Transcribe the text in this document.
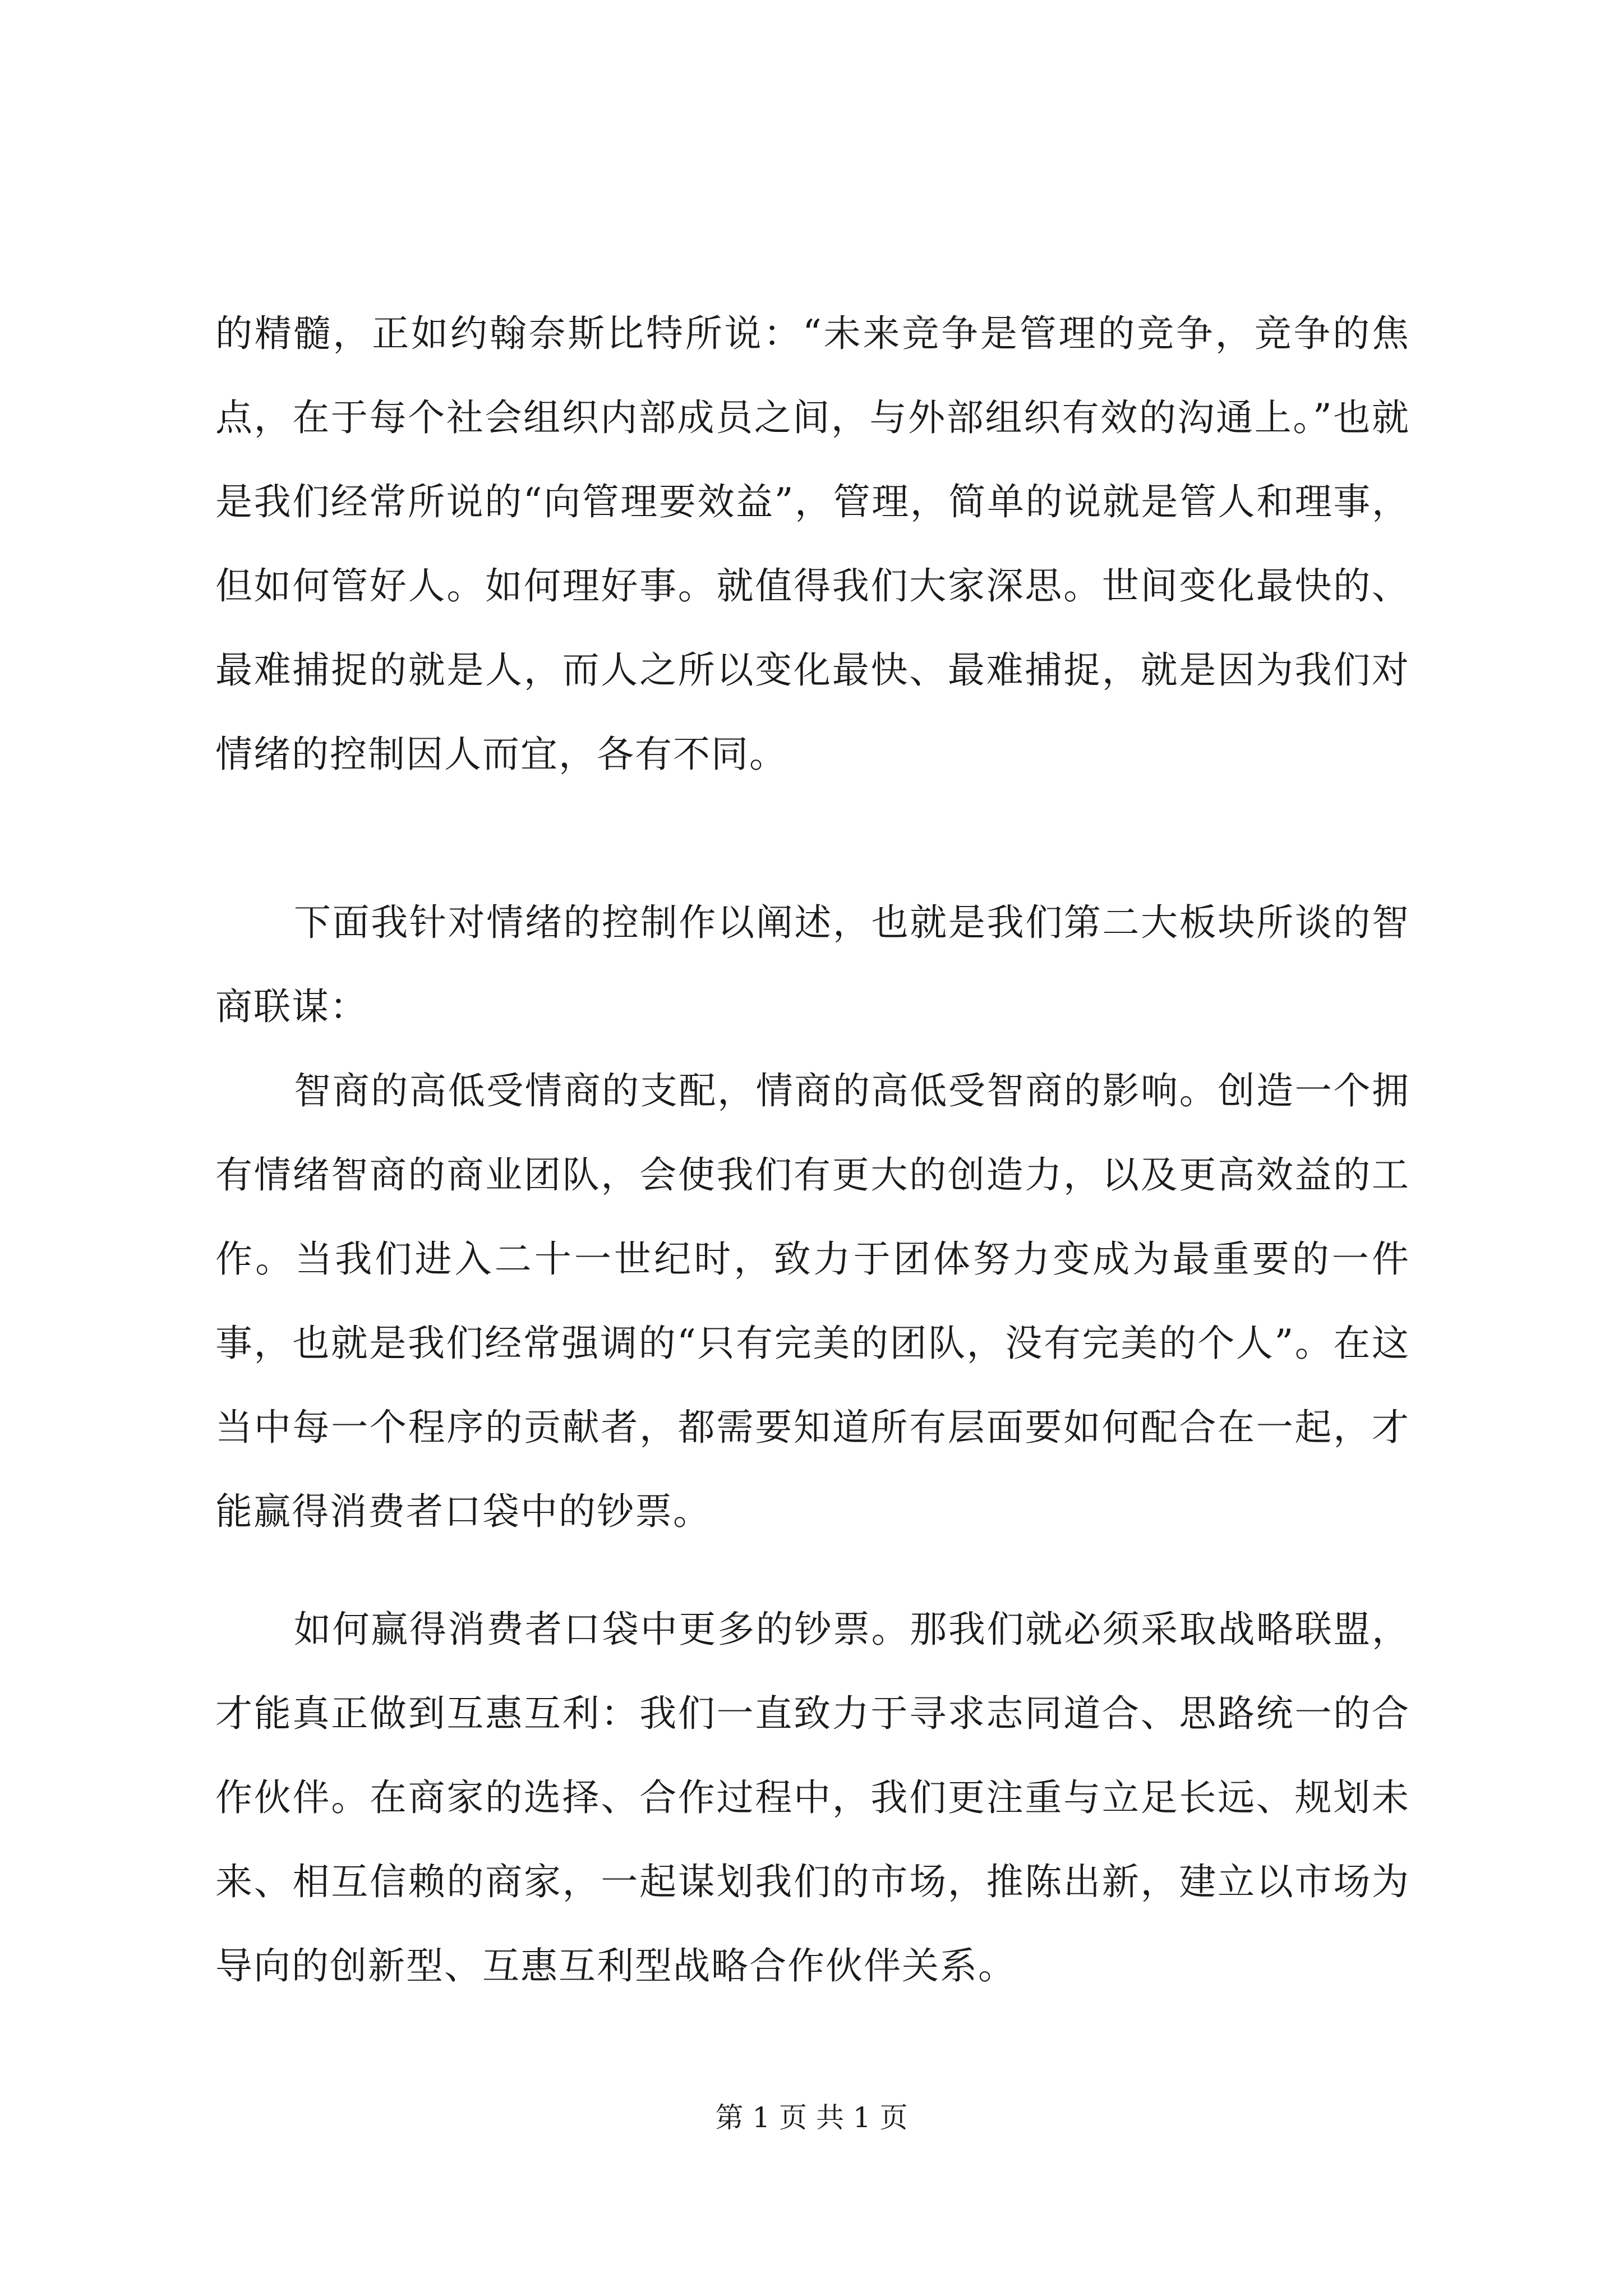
的精髓，正如约翰奈斯比特所说：“未来竞争是管理的竞争，竞争的焦点，在于每个社会组织内部成员之间，与外部组织有效的沟通上。”也就是我们经常所说的“向管理要效益”，管理，简单的说就是管人和理事，但如何管好人。如何理好事。就值得我们大家深思。世间变化最快的、最难捕捉的就是人，而人之所以变化最快、最难捕捉，就是因为我们对情绪的控制因人而宜，各有不同。

下面我针对情绪的控制作以阐述，也就是我们第二大板块所谈的智商联谋：

智商的高低受情商的支配，情商的高低受智商的影响。创造一个拥有情绪智商的商业团队，会使我们有更大的创造力，以及更高效益的工作。当我们进入二十一世纪时，致力于团体努力变成为最重要的一件事，也就是我们经常强调的“只有完美的团队，没有完美的个人”。在这当中每一个程序的贡献者，都需要知道所有层面要如何配合在一起，才能赢得消费者口袋中的钞票。

如何赢得消费者口袋中更多的钞票。那我们就必须采取战略联盟，才能真正做到互惠互利：我们一直致力于寻求志同道合、思路统一的合作伙伴。在商家的选择、合作过程中，我们更注重与立足长远、规划未来、相互信赖的商家，一起谋划我们的市场，推陈出新，建立以市场为导向的创新型、互惠互利型战略合作伙伴关系。

第 1 页 共 1 页
